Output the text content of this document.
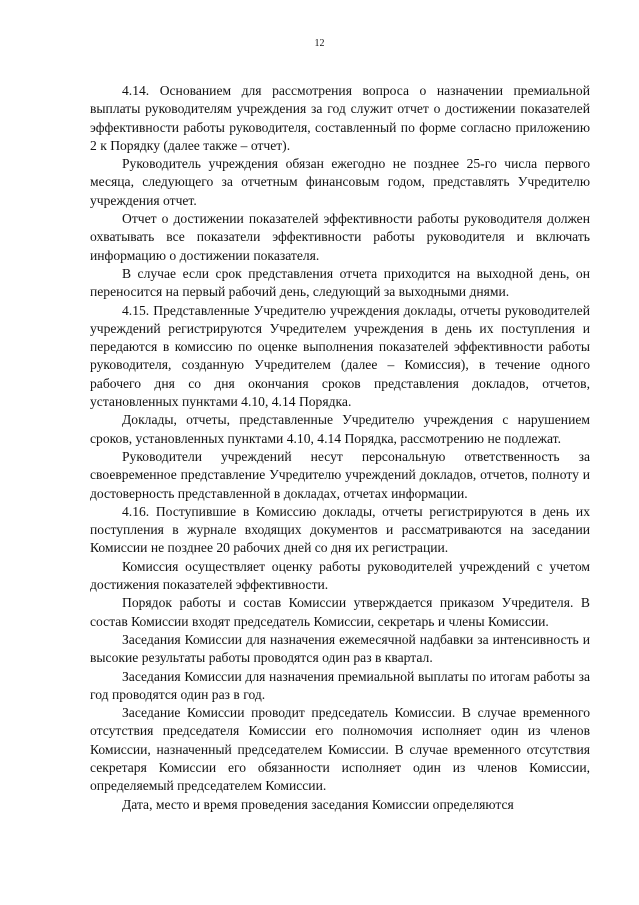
12

4.14. Основанием для рассмотрения вопроса о назначении премиальной выплаты руководителям учреждения за год служит отчет о достижении показателей эффективности работы руководителя, составленный по форме согласно приложению 2 к Порядку (далее также – отчет).

Руководитель учреждения обязан ежегодно не позднее 25-го числа первого месяца, следующего за отчетным финансовым годом, представлять Учредителю учреждения отчет.

Отчет о достижении показателей эффективности работы руководителя должен охватывать все показатели эффективности работы руководителя и включать информацию о достижении показателя.

В случае если срок представления отчета приходится на выходной день, он переносится на первый рабочий день, следующий за выходными днями.

4.15. Представленные Учредителю учреждения доклады, отчеты руководителей учреждений регистрируются Учредителем учреждения в день их поступления и передаются в комиссию по оценке выполнения показателей эффективности работы руководителя, созданную Учредителем (далее – Комиссия), в течение одного рабочего дня со дня окончания сроков представления докладов, отчетов, установленных пунктами 4.10, 4.14 Порядка.

Доклады, отчеты, представленные Учредителю учреждения с нарушением сроков, установленных пунктами 4.10, 4.14 Порядка, рассмотрению не подлежат.

Руководители учреждений несут персональную ответственность за своевременное представление Учредителю учреждений докладов, отчетов, полноту и достоверность представленной в докладах, отчетах информации.

4.16. Поступившие в Комиссию доклады, отчеты регистрируются в день их поступления в журнале входящих документов и рассматриваются на заседании Комиссии не позднее 20 рабочих дней со дня их регистрации.

Комиссия осуществляет оценку работы руководителей учреждений с учетом достижения показателей эффективности.

Порядок работы и состав Комиссии утверждается приказом Учредителя. В состав Комиссии входят председатель Комиссии, секретарь и члены Комиссии.

Заседания Комиссии для назначения ежемесячной надбавки за интенсивность и высокие результаты работы проводятся один раз в квартал.

Заседания Комиссии для назначения премиальной выплаты по итогам работы за год проводятся один раз в год.

Заседание Комиссии проводит председатель Комиссии. В случае временного отсутствия председателя Комиссии его полномочия исполняет один из членов Комиссии, назначенный председателем Комиссии. В случае временного отсутствия секретаря Комиссии его обязанности исполняет один из членов Комиссии, определяемый председателем Комиссии.

Дата, место и время проведения заседания Комиссии определяются
